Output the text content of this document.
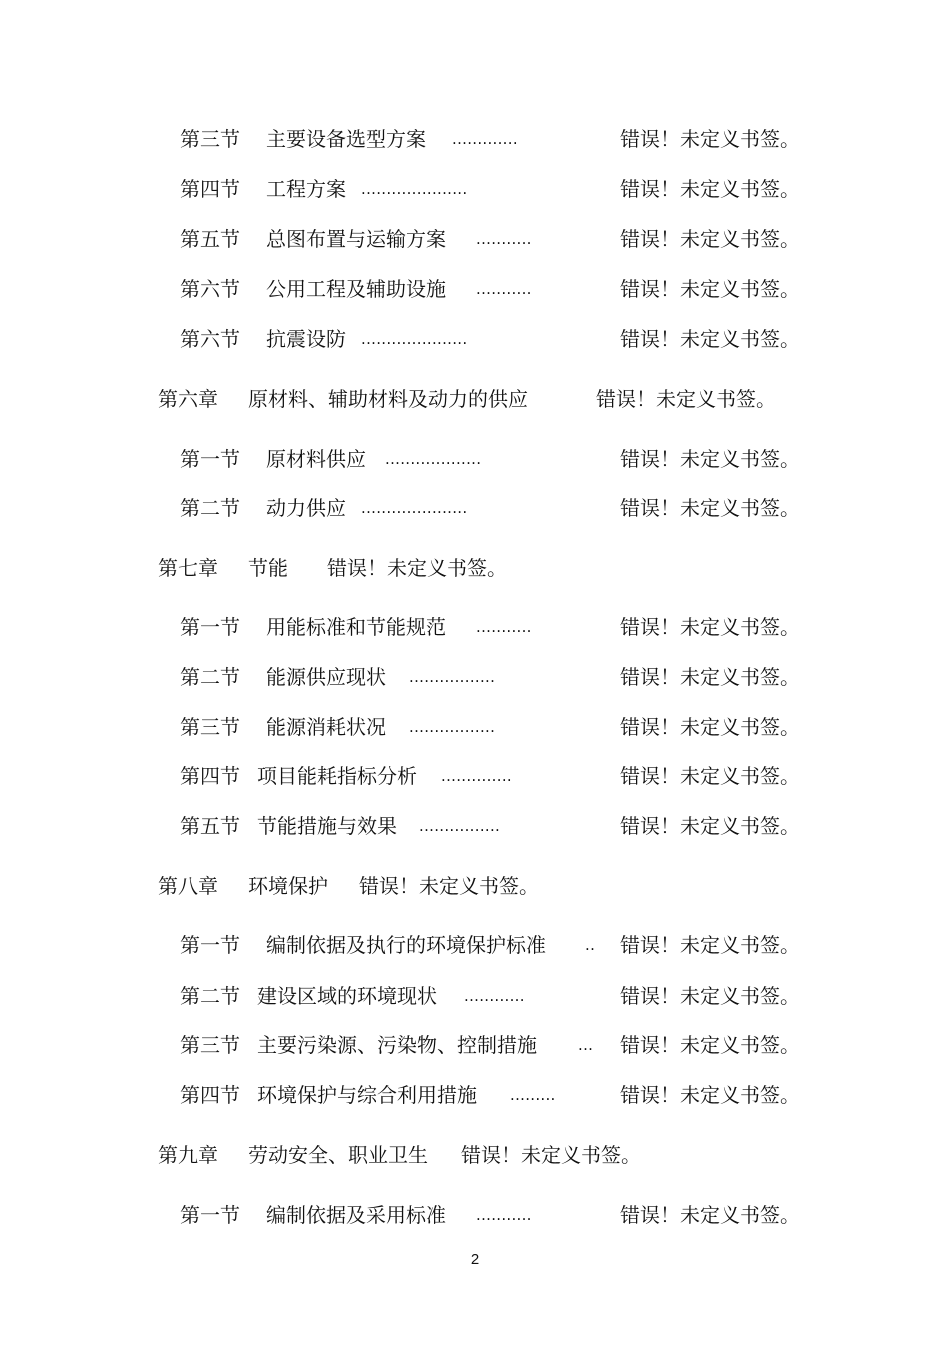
第三节 主要设备选型方案 .............	错误！未定义书签。
第四节 工程方案 .....................	错误！未定义书签。
第五节 总图布置与运输方案 ...........	错误！未定义书签。
第六节 公用工程及辅助设施 ...........	错误！未定义书签。
第六节 抗震设防 .....................	错误！未定义书签。
第六章 原材料、辅助材料及动力的供应	错误！未定义书签。
第一节 原材料供应 ...................	错误！未定义书签。
第二节 动力供应 .....................	错误！未定义书签。
第七章 节能 错误！未定义书签。
第一节 用能标准和节能规范 ...........	错误！未定义书签。
第二节 能源供应现状 .................	错误！未定义书签。
第三节 能源消耗状况 .................	错误！未定义书签。
第四节 项目能耗指标分析 ..............	错误！未定义书签。
第五节 节能措施与效果 ................	错误！未定义书签。
第八章 环境保护 错误！未定义书签。
第一节 编制依据及执行的环境保护标准	.. 错误！未定义书签。
第二节 建设区域的环境现状 ............	错误！未定义书签。
第三节 主要污染源、污染物、控制措施	... 错误！未定义书签。
第四节 环境保护与综合利用措施 .........	错误！未定义书签。
第九章 劳动安全、职业卫生 错误！未定义书签。
第一节 编制依据及采用标准 ...........	错误！未定义书签。
2
